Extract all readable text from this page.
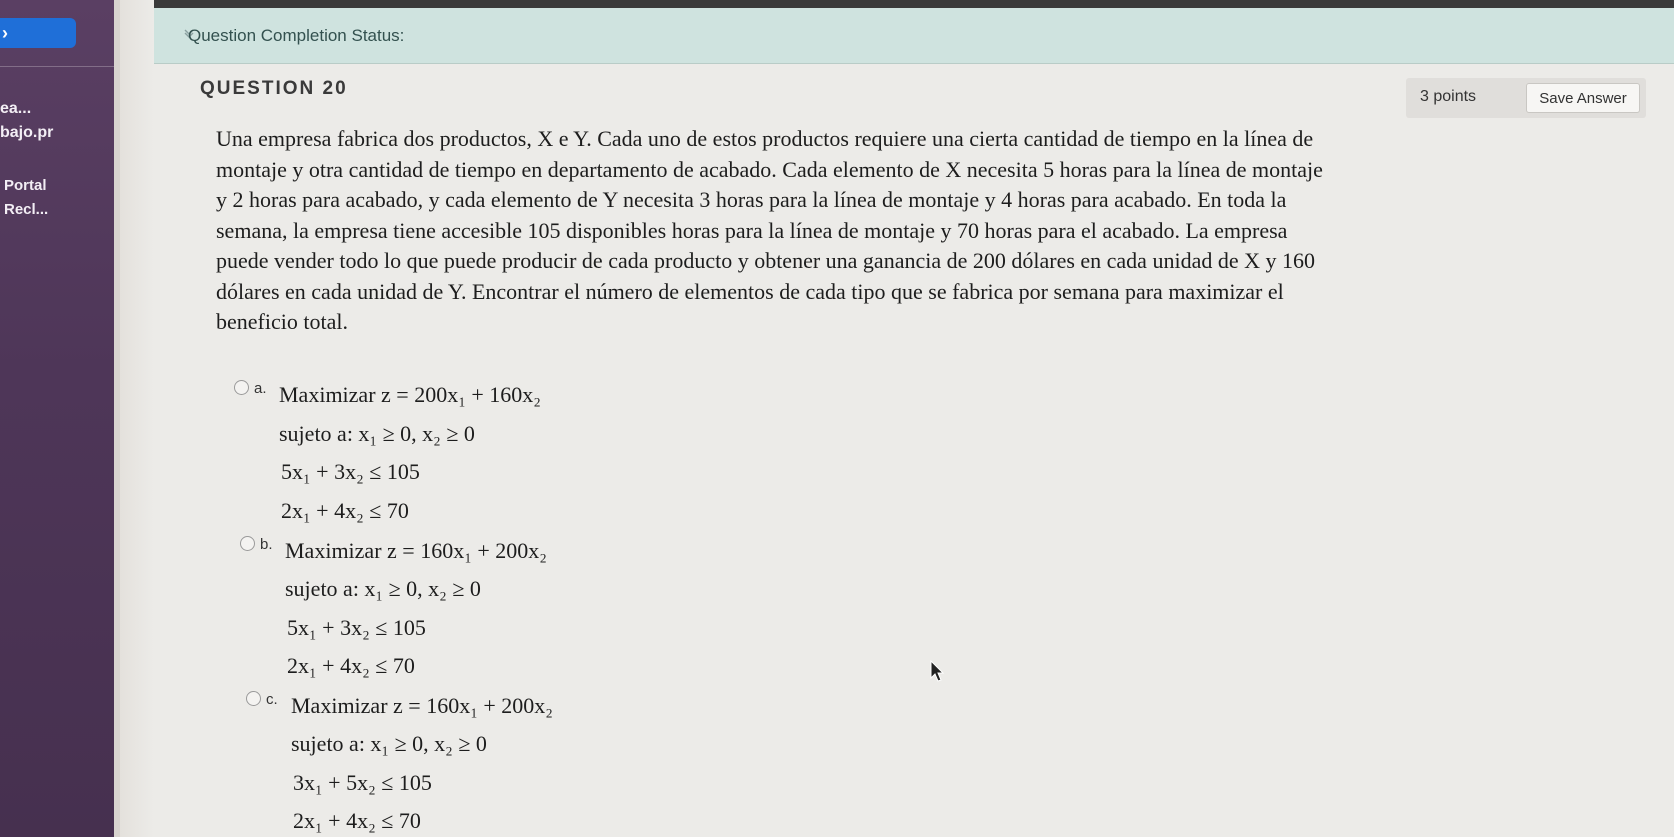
›
ea...
bajo.pr
Portal
Recl...
Question Completion Status:
QUESTION 20	3 points	Save Answer
Una empresa fabrica dos productos, X e Y. Cada uno de estos productos requiere una cierta cantidad de tiempo en la línea de montaje y otra cantidad de tiempo en departamento de acabado. Cada elemento de X necesita 5 horas para la línea de montaje y 2 horas para acabado, y cada elemento de Y necesita 3 horas para la línea de montaje y 4 horas para acabado. En toda la semana, la empresa tiene accesible 105 disponibles horas para la línea de montaje y 70 horas para el acabado. La empresa puede vender todo lo que puede producir de cada producto y obtener una ganancia de 200 dólares en cada unidad de X y 160 dólares en cada unidad de Y. Encontrar el número de elementos de cada tipo que se fabrica por semana para maximizar el beneficio total.
a. Maximizar z = 200x₁ + 160x₂
sujeto a: x₁ ≥ 0, x₂ ≥ 0
5x₁ + 3x₂ ≤ 105
2x₁ + 4x₂ ≤ 70
b. Maximizar z = 160x₁ + 200x₂
sujeto a: x₁ ≥ 0, x₂ ≥ 0
5x₁ + 3x₂ ≤ 105
2x₁ + 4x₂ ≤ 70
c. Maximizar z = 160x₁ + 200x₂
sujeto a: x₁ ≥ 0, x₂ ≥ 0
3x₁ + 5x₂ ≤ 105
2x₁ + 4x₂ ≤ 70
